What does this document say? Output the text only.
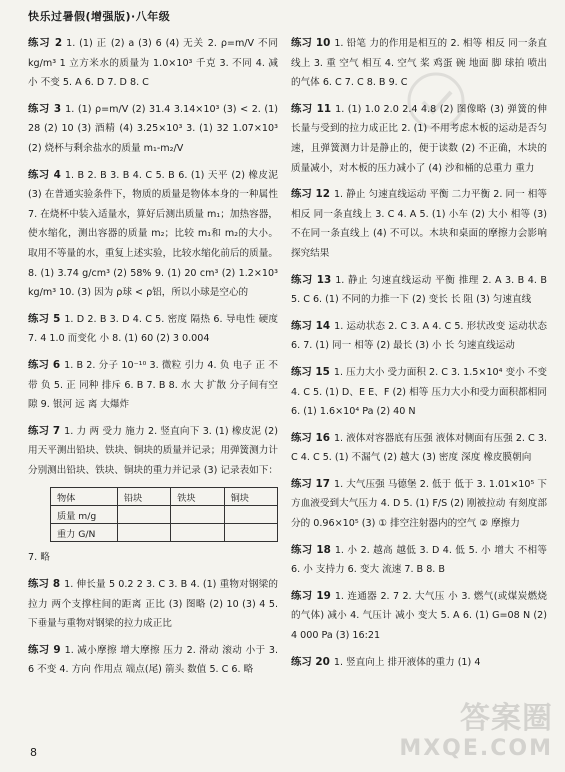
快乐过暑假(增强版)·八年级
练习 2 1. (1) 正 (2) a (3) 6 (4) 无关 2. ρ=m/V 不同 kg/m³ 1 立方米水的质量为 1.0×10³ 千克 3. 不同 4. 减小 不变 5. A 6. D 7. D 8. C
练习 3 1. (1) ρ=m/V (2) 31.4 3.14×10³ (3) < 2. (1) 28 (2) 10 (3) 酒精 (4) 3.25×10³ 3. (1) 32 1.07×10³ (2) 烧杯与剩余盐水的质量 m₁-m₂/V
练习 4 1. B 2. B 3. B 4. C 5. B 6. (1) 天平 (2) 橡皮泥 (3) 在普通实验条件下，物质的质量是物体本身的一种属性 7. 在烧杯中装入适量水，算好后测出质量 m₁；加热容器，使水缩化，测出容器的质量 m₂；比较 m₁和 m₂的大小。取用不等量的水，重复上述实验，比较水缩化前后的质量。 8. (1) 3.74 g/cm³ (2) 58% 9. (1) 20 cm³ (2) 1.2×10³ kg/m³ 10. (3) 因为 ρ球 < ρ铝，所以小球是空心的
练习 5 1. D 2. B 3. D 4. C 5. 密度 隔热 6. 导电性 硬度 7. 4 1.0 而变化 小 8. (1) 60 (2) 3 0.004
练习 6 1. B 2. 分子 10⁻¹⁰ 3. 微粒 引力 4. 负 电子 正 不带 负 5. 正 同种 排斥 6. B 7. B 8. 水 大 扩散 分子间有空隙 9. 银河 远 离 大爆炸
练习 7 1. 力 两 受力 施力 2. 竖直向下 3. (1) 橡皮泥 (2) 用天平测出铅块、铁块、铜块的质量并记录；用弹簧测力计分别测出铅块、铁块、铜块的重力并记录 (3) 记录表如下：
物体	铅块	铁块	铜块
质量 m/g			
重力 G/N			
7. 略
练习 8 1. 伸长量 5 0.2 2 3. C 3. B 4. (1) 重物对钢梁的拉力 两个支撑柱间的距离 正比 (3) 图略 (2) 10 (3) 4 5. 下垂量与重物对钢梁的拉力成正比
练习 9 1. 减小摩擦 增大摩擦 压力 2. 滑动 滚动 小于 3. 6 不变 4. 方向 作用点 端点(尾) 箭头 数值 5. C 6. 略
练习 10 1. 铅笔 力的作用是相互的 2. 相等 相反 同一条直线上 3. 重 空气 相互 4. 空气 桨 鸡蛋 碗 地面 脚 球拍 喷出的气体 6. C 7. C 8. B 9. C
练习 11 1. (1) 1.0 2.0 2.4 4.8 (2) 图像略 (3) 弹簧的伸长量与受到的拉力成正比 2. (1) 不用考虑木板的运动是否匀速，且弹簧测力计是静止的，便于读数 (2) 不正确，木块的质量减小，对木板的压力减小了 (4) 沙和桶的总重力 重力
练习 12 1. 静止 匀速直线运动 平衡 二力平衡 2. 同一 相等 相反 同一条直线上 3. C 4. A 5. (1) 小车 (2) 大小 相等 (3) 不在同一条直线上 (4) 不可以。木块和桌面的摩擦力会影响探究结果
练习 13 1. 静止 匀速直线运动 平衡 推理 2. A 3. B 4. B 5. C 6. (1) 不同的力推一下 (2) 变长 长 阻 (3) 匀速直线
练习 14 1. 运动状态 2. C 3. A 4. C 5. 形状改变 运动状态 6. 7. (1) 同一 相等 (2) 最长 (3) 小 长 匀速直线运动
练习 15 1. 压力大小 受力面积 2. C 3. 1.5×10⁴ 变小 不变 4. C 5. (1) D、E E、F (2) 相等 压力大小和受力面积都相同 6. (1) 1.6×10⁴ Pa (2) 40 N
练习 16 1. 液体对容器底有压强 液体对侧面有压强 2. C 3. C 4. C 5. (1) 不漏气 (2) 越大 (3) 密度 深度 橡皮膜朝向
练习 17 1. 大气压强 马德堡 2. 低于 低于 3. 1.01×10⁵ 下方血液受到大气压力 4. D 5. (1) F/S (2) 刚被拉动 有刻度部分的 0.96×10⁵ (3) ① 排空注射器内的空气 ② 摩擦力
练习 18 1. 小 2. 越高 越低 3. D 4. 低 5. 小 增大 不相等 6. 小 支持力 6. 变大 流速 7. B 8. B
练习 19 1. 连通器 2. 7 2. 大气压 小 3. 燃气(或煤炭燃烧的气体) 减小 4. 气压计 减小 变大 5. A 6. (1) G=08 N (2) 4 000 Pa (3) 16:21
练习 20 1. 竖直向上 排开液体的重力 (1) 4
8
答案圈
MXQE.COM
